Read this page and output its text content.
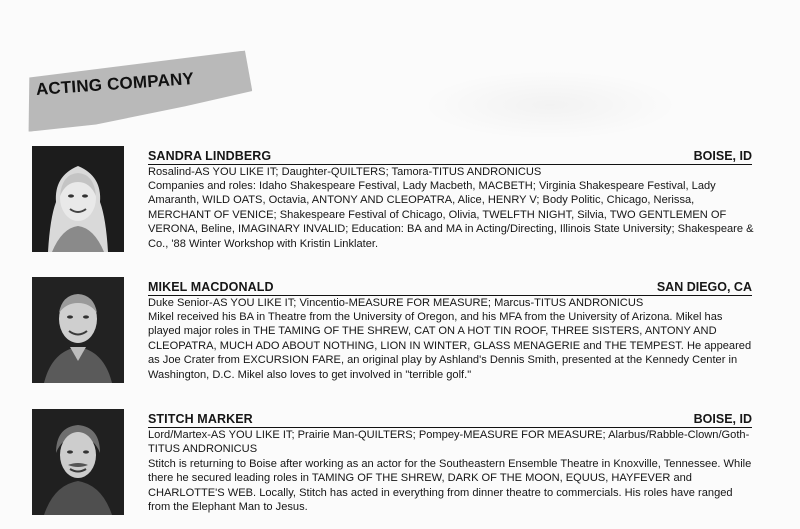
ACTING COMPANY
SANDRA LINDBERG	BOISE, ID

Rosalind-AS YOU LIKE IT; Daughter-QUILTERS; Tamora-TITUS ANDRONICUS

Companies and roles: Idaho Shakespeare Festival, Lady Macbeth, MACBETH; Virginia Shakespeare Festival, Lady Amaranth, WILD OATS, Octavia, ANTONY AND CLEOPATRA, Alice, HENRY V; Body Politic, Chicago, Nerissa, MERCHANT OF VENICE; Shakespeare Festival of Chicago, Olivia, TWELFTH NIGHT, Silvia, TWO GENTLEMEN OF VERONA, Beline, IMAGINARY INVALID; Education: BA and MA in Acting/Directing, Illinois State University; Shakespeare & Co., '88 Winter Workshop with Kristin Linklater.

MIKEL MACDONALD	SAN DIEGO, CA

Duke Senior-AS YOU LIKE IT; Vincentio-MEASURE FOR MEASURE; Marcus-TITUS ANDRONICUS

Mikel received his BA in Theatre from the University of Oregon, and his MFA from the University of Arizona. Mikel has played major roles in THE TAMING OF THE SHREW, CAT ON A HOT TIN ROOF, THREE SISTERS, ANTONY AND CLEOPATRA, MUCH ADO ABOUT NOTHING, LION IN WINTER, GLASS MENAGERIE and THE TEMPEST. He appeared as Joe Crater from EXCURSION FARE, an original play by Ashland's Dennis Smith, presented at the Kennedy Center in Washington, D.C. Mikel also loves to get involved in "terrible golf."

STITCH MARKER	BOISE, ID

Lord/Martex-AS YOU LIKE IT; Prairie Man-QUILTERS; Pompey-MEASURE FOR MEASURE; Alarbus/Rabble-Clown/Goth-TITUS ANDRONICUS

Stitch is returning to Boise after working as an actor for the Southeastern Ensemble Theatre in Knoxville, Tennessee. While there he secured leading roles in TAMING OF THE SHREW, DARK OF THE MOON, EQUUS, HAYFEVER and CHARLOTTE'S WEB. Locally, Stitch has acted in everything from dinner theatre to commercials. His roles have ranged from the Elephant Man to Jesus.
